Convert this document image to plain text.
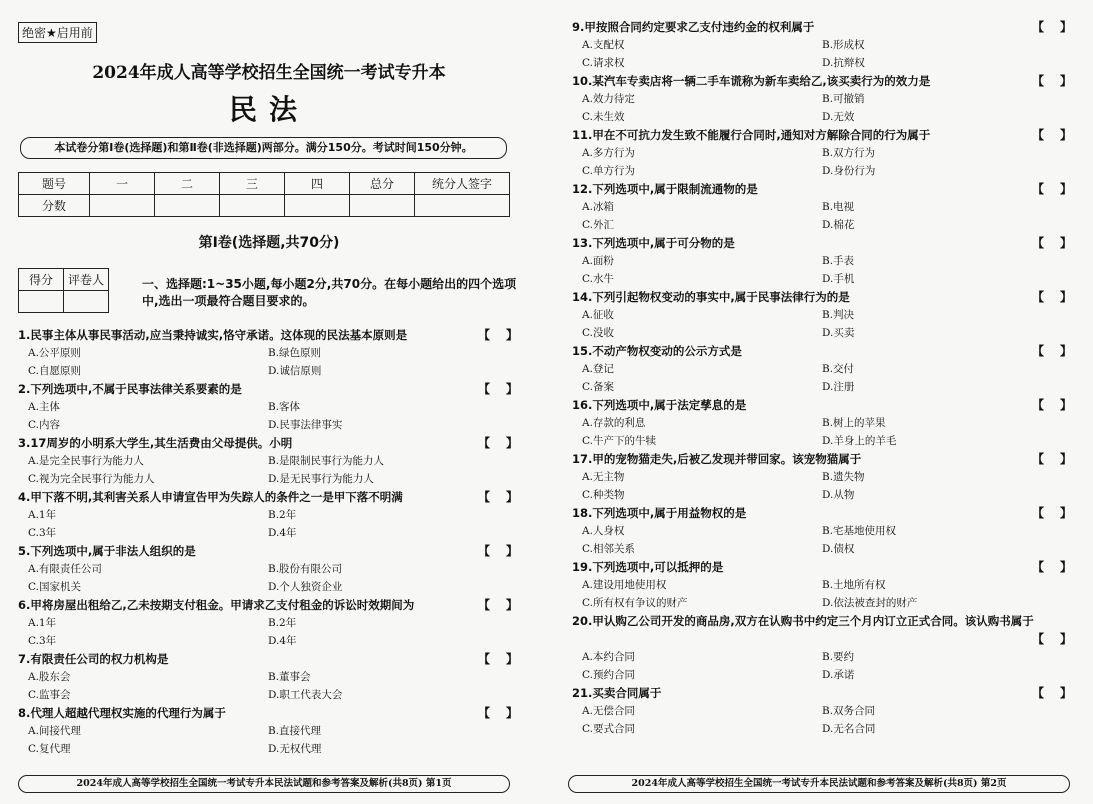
绝密★启用前
2024年成人高等学校招生全国统一考试专升本
民法
本试卷分第Ⅰ卷(选择题)和第Ⅱ卷(非选择题)两部分。满分150分。考试时间150分钟。
题号	一	二	三	四	总分	统分人签字
分数						
第Ⅰ卷(选择题,共70分)
得分	评卷人
		一、选择题:1~35小题,每小题2分,共70分。在每小题给出的四个选项中,选出一项最符合题目要求的。
1.民事主体从事民事活动,应当秉持诚实,恪守承诺。这体现的民法基本原则是	【 】
A.公平原则	B.绿色原则
C.自愿原则	D.诚信原则
2.下列选项中,不属于民事法律关系要素的是	【 】
A.主体	B.客体
C.内容	D.民事法律事实
3.17周岁的小明系大学生,其生活费由父母提供。小明	【 】
A.是完全民事行为能力人	B.是限制民事行为能力人
C.视为完全民事行为能力人	D.是无民事行为能力人
4.甲下落不明,其利害关系人申请宣告甲为失踪人的条件之一是甲下落不明满	【 】
A.1年	B.2年
C.3年	D.4年
5.下列选项中,属于非法人组织的是	【 】
A.有限责任公司	B.股份有限公司
C.国家机关	D.个人独资企业
6.甲将房屋出租给乙,乙未按期支付租金。甲请求乙支付租金的诉讼时效期间为	【 】
A.1年	B.2年
C.3年	D.4年
7.有限责任公司的权力机构是	【 】
A.股东会	B.董事会
C.监事会	D.职工代表大会
8.代理人超越代理权实施的代理行为属于	【 】
A.间接代理	B.直接代理
C.复代理	D.无权代理
2024年成人高等学校招生全国统一考试专升本民法试题和参考答案及解析(共8页) 第1页
9.甲按照合同约定要求乙支付违约金的权利属于	【 】
A.支配权	B.形成权
C.请求权	D.抗辩权
10.某汽车专卖店将一辆二手车谎称为新车卖给乙,该买卖行为的效力是	【 】
A.效力待定	B.可撤销
C.未生效	D.无效
11.甲在不可抗力发生致不能履行合同时,通知对方解除合同的行为属于	【 】
A.多方行为	B.双方行为
C.单方行为	D.身份行为
12.下列选项中,属于限制流通物的是	【 】
A.冰箱	B.电视
C.外汇	D.棉花
13.下列选项中,属于可分物的是	【 】
A.面粉	B.手表
C.水牛	D.手机
14.下列引起物权变动的事实中,属于民事法律行为的是	【 】
A.征收	B.判决
C.没收	D.买卖
15.不动产物权变动的公示方式是	【 】
A.登记	B.交付
C.备案	D.注册
16.下列选项中,属于法定孳息的是	【 】
A.存款的利息	B.树上的苹果
C.牛产下的牛犊	D.羊身上的羊毛
17.甲的宠物猫走失,后被乙发现并带回家。该宠物猫属于	【 】
A.无主物	B.遗失物
C.种类物	D.从物
18.下列选项中,属于用益物权的是	【 】
A.人身权	B.宅基地使用权
C.相邻关系	D.债权
19.下列选项中,可以抵押的是	【 】
A.建设用地使用权	B.土地所有权
C.所有权有争议的财产	D.依法被查封的财产
20.甲认购乙公司开发的商品房,双方在认购书中约定三个月内订立正式合同。该认购书属于
【 】
A.本约合同	B.要约
C.预约合同	D.承诺
21.买卖合同属于	【 】
A.无偿合同	B.双务合同
C.要式合同	D.无名合同
2024年成人高等学校招生全国统一考试专升本民法试题和参考答案及解析(共8页) 第2页
